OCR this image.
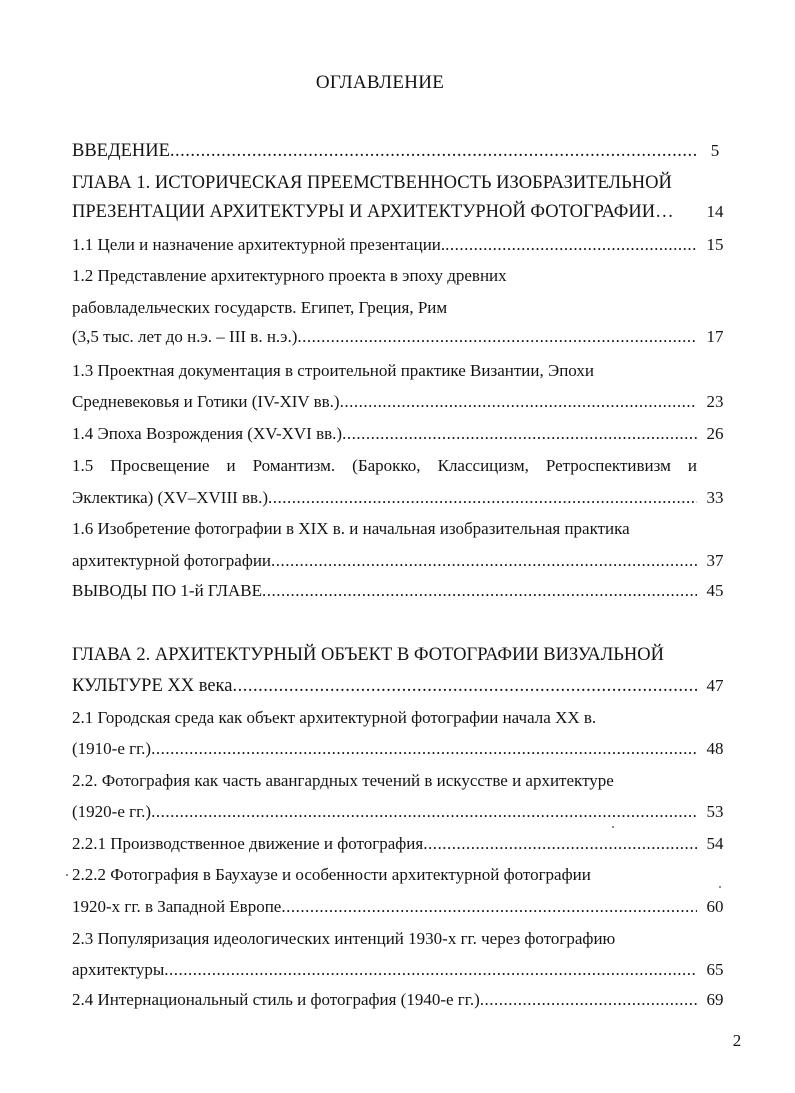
ОГЛАВЛЕНИЕ
ВВЕДЕНИЕ .....	5
ГЛАВА 1. ИСТОРИЧЕСКАЯ ПРЕЕМСТВЕННОСТЬ ИЗОБРАЗИТЕЛЬНОЙ
ПРЕЗЕНТАЦИИ АРХИТЕКТУРЫ И АРХИТЕКТУРНОЙ ФОТОГРАФИИ…	14
1.1 Цели и назначение архитектурной презентации. .....	15
1.2 Представление архитектурного проекта в эпоху древних
рабовладельческих государств. Египет, Греция, Рим
(3,5 тыс. лет до н.э. – III в. н.э.) .....	17
1.3 Проектная документация в строительной практике Византии, Эпохи
Средневековья и Готики (IV-XIV вв.) .....	23
1.4 Эпоха Возрождения (XV-XVI вв.) .....	26
1.5 Просвещение и Романтизм. (Барокко, Классицизм, Ретроспективизм и
Эклектика) (XV–XVIII вв.) .....	33
1.6 Изобретение фотографии в XIX в. и начальная изобразительная практика
архитектурной фотографии .....	37
ВЫВОДЫ ПО 1-й ГЛАВЕ .....	45
ГЛАВА 2. АРХИТЕКТУРНЫЙ ОБЪЕКТ В ФОТОГРАФИИ ВИЗУАЛЬНОЙ
КУЛЬТУРЕ XX века .....	47
2.1 Городская среда как объект архитектурной фотографии начала XX в.
(1910-е гг.) .....	48
2.2. Фотография как часть авангардных течений в искусстве и архитектуре
(1920-е гг.) .....	53
2.2.1 Производственное движение и фотография .....	54
2.2.2 Фотография в Баухаузе и особенности архитектурной фотографии
1920-х гг. в Западной Европе .....	60
2.3 Популяризация идеологических интенций 1930-х гг. через фотографию
архитектуры .....	65
2.4 Интернациональный стиль и фотография (1940-е гг.) .....	69
2
